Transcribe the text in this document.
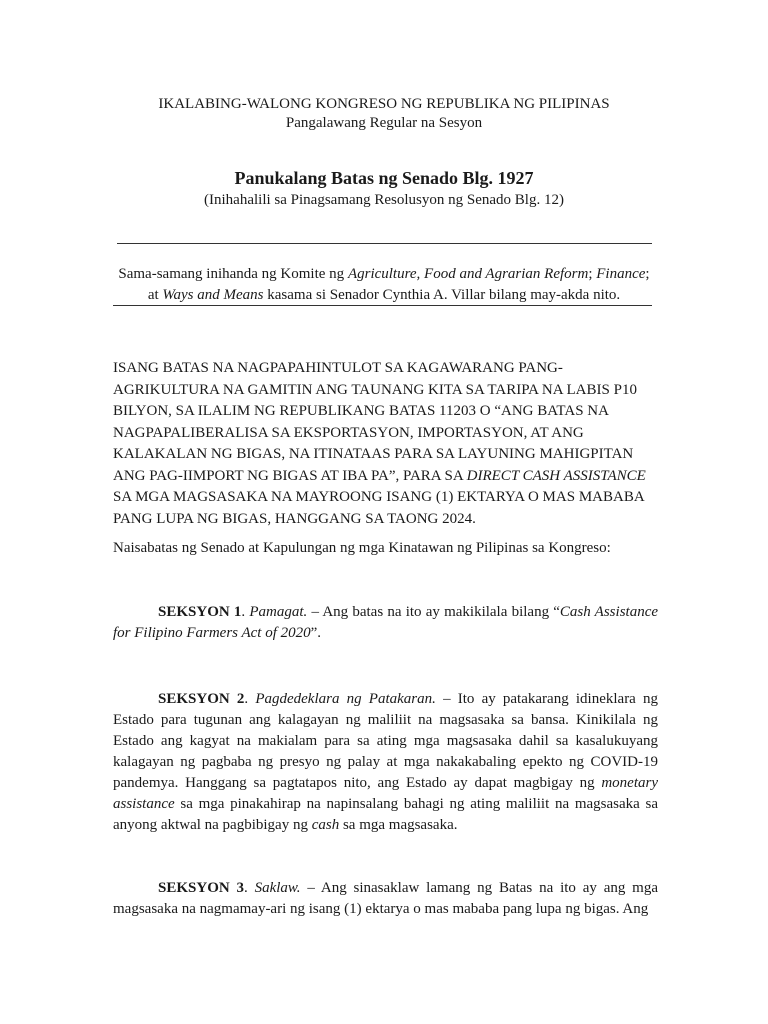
IKALABING-WALONG KONGRESO NG REPUBLIKA NG PILIPINAS
Pangalawang Regular na Sesyon
Panukalang Batas ng Senado Blg. 1927
(Inihahalili sa Pinagsamang Resolusyon ng Senado Blg. 12)
Sama-samang inihanda ng Komite ng Agriculture, Food and Agrarian Reform; Finance;
at Ways and Means kasama si Senador Cynthia A. Villar bilang may-akda nito.
ISANG BATAS NA NAGPAPAHINTULOT SA KAGAWARANG PANG-AGRIKULTURA NA GAMITIN ANG TAUNANG KITA SA TARIPA NA LABIS P10 BILYON, SA ILALIM NG REPUBLIKANG BATAS 11203 O “ANG BATAS NA NAGPAPALIBERALISA SA EKSPORTASYON, IMPORTASYON, AT ANG KALAKALAN NG BIGAS, NA ITINATAAS PARA SA LAYUNING MAHIGPITAN ANG PAG-IIMPORT NG BIGAS AT IBA PA”, PARA SA DIRECT CASH ASSISTANCE SA MGA MAGSASAKA NA MAYROONG ISANG (1) EKTARYA O MAS MABABA PANG LUPA NG BIGAS, HANGGANG SA TAONG 2024.
Naisabatas ng Senado at Kapulungan ng mga Kinatawan ng Pilipinas sa Kongreso:
SEKSYON 1. Pamagat. – Ang batas na ito ay makikilala bilang “Cash Assistance for Filipino Farmers Act of 2020”.
SEKSYON 2. Pagdedeklara ng Patakaran. – Ito ay patakarang idineklara ng Estado para tugunan ang kalagayan ng maliliit na magsasaka sa bansa. Kinikilala ng Estado ang kagyat na makialam para sa ating mga magsasaka dahil sa kasalukuyang kalagayan ng pagbaba ng presyo ng palay at mga nakakabaling epekto ng COVID-19 pandemya. Hanggang sa pagtatapos nito, ang Estado ay dapat magbigay ng monetary assistance sa mga pinakahirap na napinsalang bahagi ng ating maliliit na magsasaka sa anyong aktwal na pagbibigay ng cash sa mga magsasaka.
SEKSYON 3. Saklaw. – Ang sinasaklaw lamang ng Batas na ito ay ang mga magsasaka na nagmamay-ari ng isang (1) ektarya o mas mababa pang lupa ng bigas. Ang
